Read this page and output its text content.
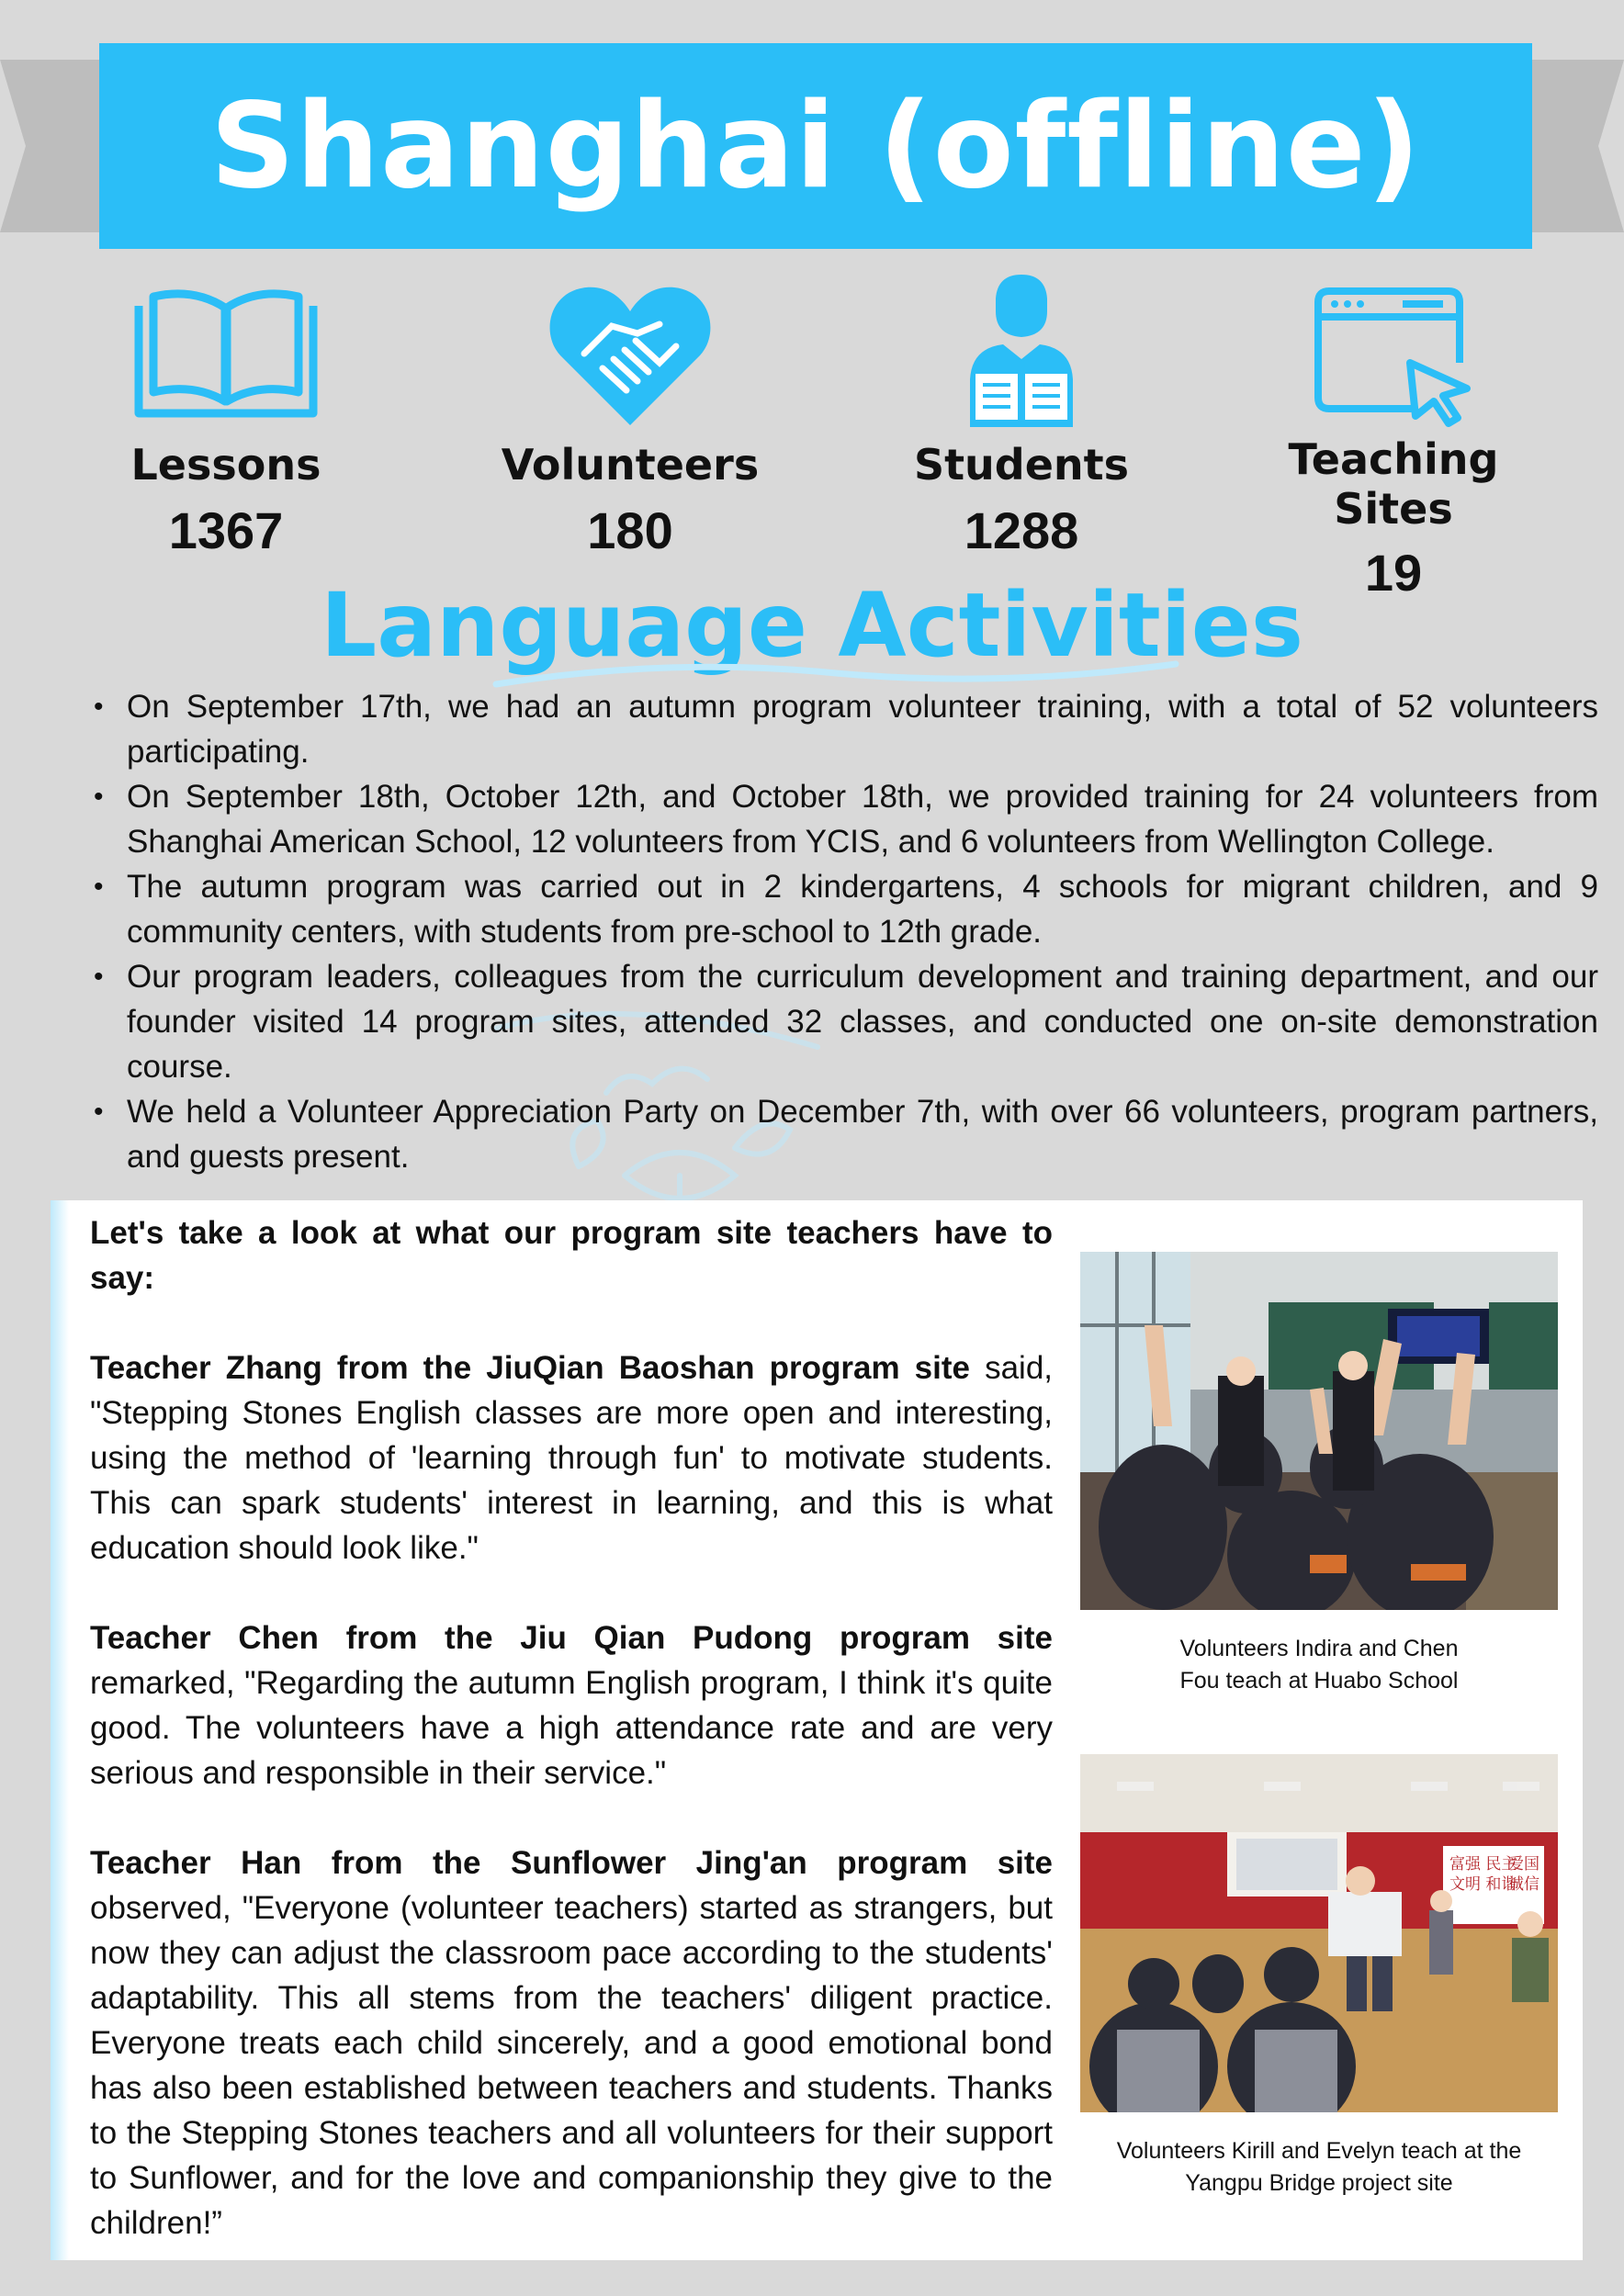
Shanghai (offline)
Lessons
1367
Volunteers
180
Students
1288
Teaching Sites
19
Language Activities
• On September 17th, we had an autumn program volunteer training, with a total of 52 volunteers participating.
• On September 18th, October 12th, and October 18th, we provided training for 24 volunteers from Shanghai American School, 12 volunteers from YCIS, and 6 volunteers from Wellington College.
• The autumn program was carried out in 2 kindergartens, 4 schools for migrant children, and 9 community centers, with students from pre-school to 12th grade.
• Our program leaders, colleagues from the curriculum development and training department, and our founder visited 14 program sites, attended 32 classes, and conducted one on-site demonstration course.
• We held a Volunteer Appreciation Party on December 7th, with over 66 volunteers, program partners, and guests present.

Let's take a look at what our program site teachers have to say:

Teacher Zhang from the JiuQian Baoshan program site said, "Stepping Stones English classes are more open and interesting, using the method of 'learning through fun' to motivate students. This can spark students' interest in learning, and this is what education should look like."

Teacher Chen from the Jiu Qian Pudong program site remarked, "Regarding the autumn English program, I think it's quite good. The volunteers have a high attendance rate and are very serious and responsible in their service."

Teacher Han from the Sunflower Jing'an program site observed, "Everyone (volunteer teachers) started as strangers, but now they can adjust the classroom pace according to the students' adaptability. This all stems from the teachers' diligent practice. Everyone treats each child sincerely, and a good emotional bond has also been established between teachers and students. Thanks to the Stepping Stones teachers and all volunteers for their support to Sunflower, and for the love and companionship they give to the children!”

Volunteers Indira and Chen
Fou teach at Huabo School
富强 民主
文明 和谐
爱国
诚信
Volunteers Kirill and Evelyn teach at the
Yangpu Bridge project site
